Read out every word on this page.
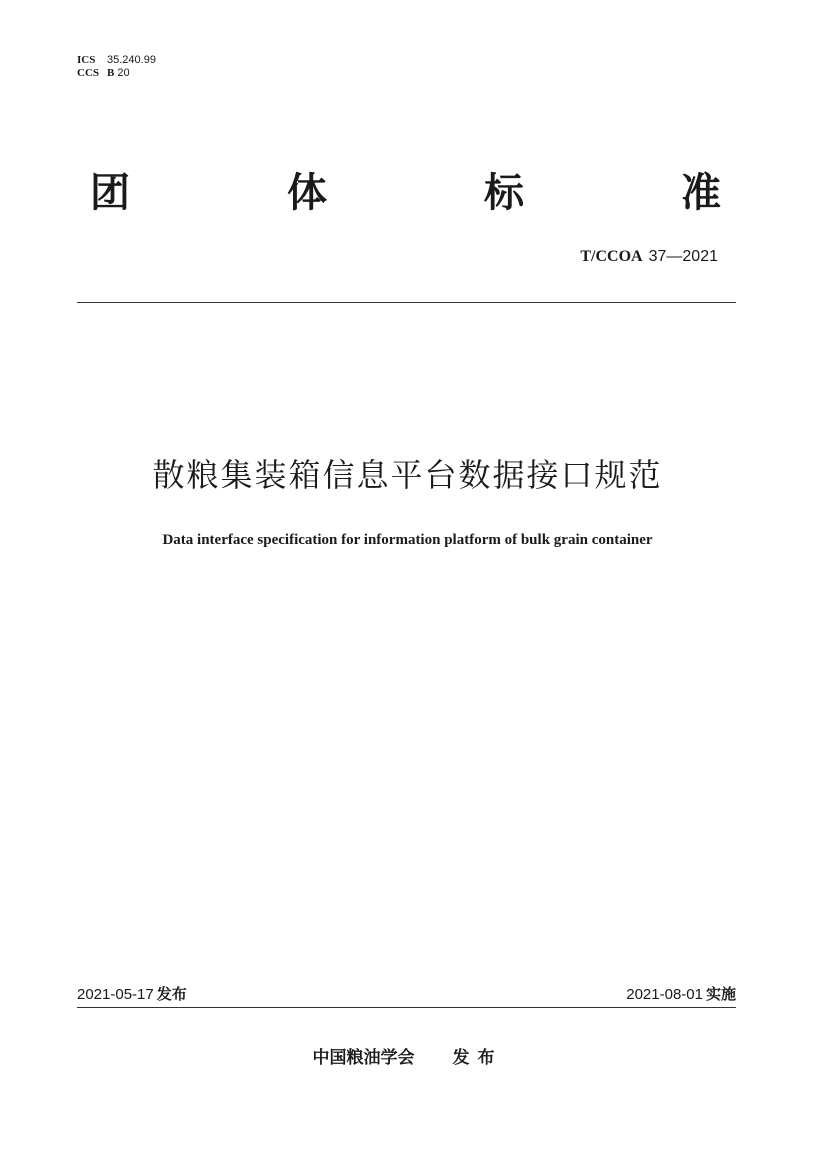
ICS 35.240.99
CCS B 20
团	体	标	准
T/CCOA 37—2021
散粮集装箱信息平台数据接口规范
Data interface specification for information platform of bulk grain container
2021-05-17 发布	2021-08-01 实施
中国粮油学会 发布
